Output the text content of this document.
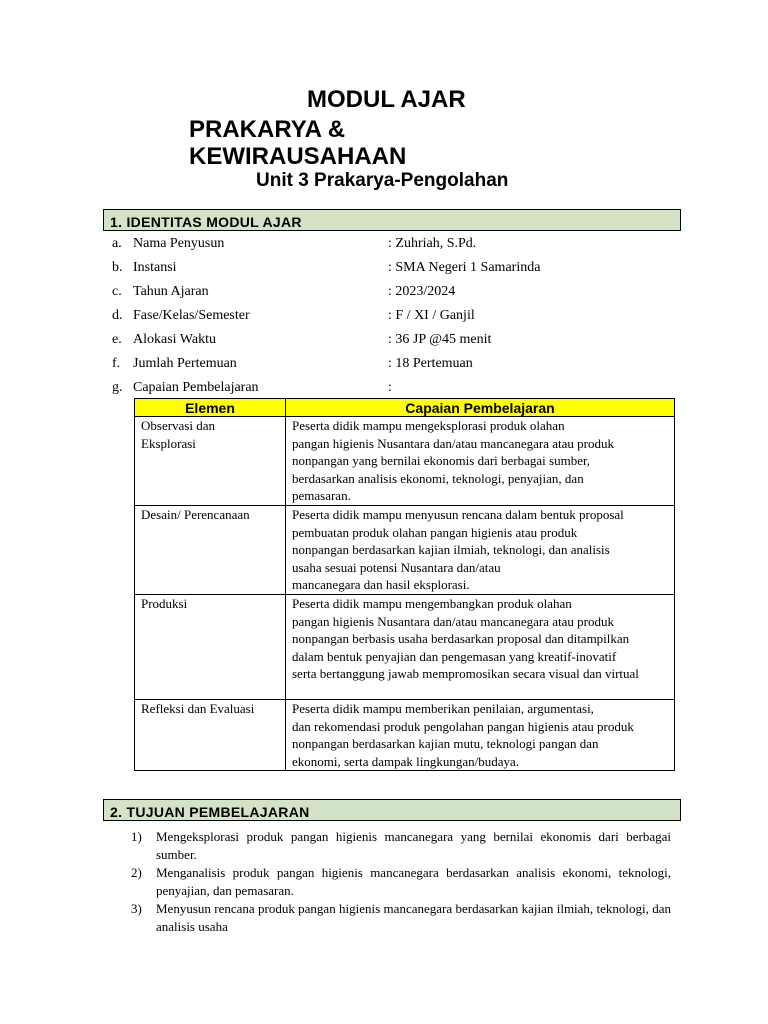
MODUL AJAR
PRAKARYA &
KEWIRAUSAHAAN
Unit 3 Prakarya-Pengolahan
1. IDENTITAS MODUL AJAR
a. Nama Penyusun	: Zuhriah, S.Pd.
b. Instansi	: SMA Negeri 1 Samarinda
c. Tahun Ajaran	: 2023/2024
d. Fase/Kelas/Semester	: F / XI / Ganjil
e. Alokasi Waktu	: 36 JP @45 menit
f. Jumlah Pertemuan	: 18 Pertemuan
g. Capaian Pembelajaran	:
Elemen	Capaian Pembelajaran

Observasi dan
Eksplorasi	Peserta didik mampu mengeksplorasi produk olahan
pangan higienis Nusantara dan/atau mancanegara atau produk
nonpangan yang bernilai ekonomis dari berbagai sumber,
berdasarkan analisis ekonomi, teknologi, penyajian, dan
pemasaran.

Desain/ Perencanaan	Peserta didik mampu menyusun rencana dalam bentuk proposal
pembuatan produk olahan pangan higienis atau produk
nonpangan berdasarkan kajian ilmiah, teknologi, dan analisis
usaha sesuai potensi Nusantara dan/atau
mancanegara dan hasil eksplorasi.

Produksi	Peserta didik mampu mengembangkan produk olahan
pangan higienis Nusantara dan/atau mancanegara atau produk
nonpangan berbasis usaha berdasarkan proposal dan ditampilkan
dalam bentuk penyajian dan pengemasan yang kreatif-inovatif
serta bertanggung jawab mempromosikan secara visual dan virtual

Refleksi dan Evaluasi	Peserta didik mampu memberikan penilaian, argumentasi,
dan rekomendasi produk pengolahan pangan higienis atau produk
nonpangan berdasarkan kajian mutu, teknologi pangan dan
ekonomi, serta dampak lingkungan/budaya.
2. TUJUAN PEMBELAJARAN
1) Mengeksplorasi produk pangan higienis mancanegara yang bernilai ekonomis dari berbagai sumber.
2) Menganalisis produk pangan higienis mancanegara berdasarkan analisis ekonomi, teknologi, penyajian, dan pemasaran.
3) Menyusun rencana produk pangan higienis mancanegara berdasarkan kajian ilmiah, teknologi, dan analisis usaha
